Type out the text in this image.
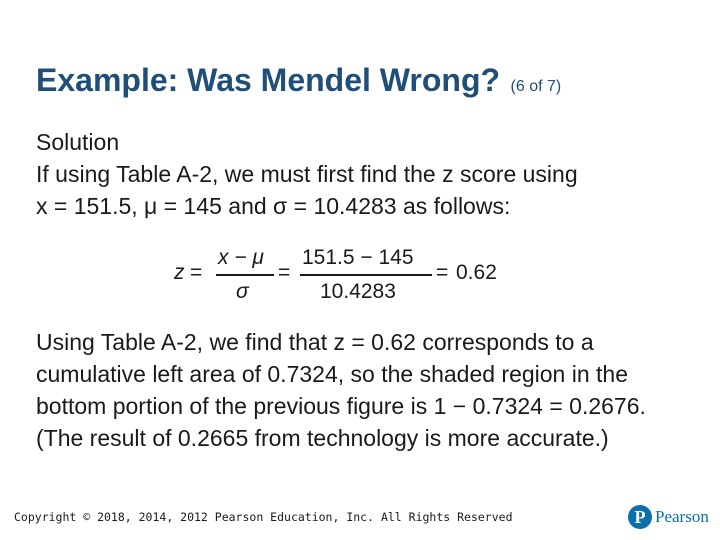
Example: Was Mendel Wrong? (6 of 7)
Solution
If using Table A-2, we must first find the z score using
x = 151.5, μ = 145 and σ = 10.4283 as follows:
z =
x − μ
σ
=
151.5 − 145
10.4283
= 0.62
Using Table A-2, we find that z = 0.62 corresponds to a cumulative left area of 0.7324, so the shaded region in the bottom portion of the previous figure is 1 − 0.7324 = 0.2676. (The result of 0.2665 from technology is more accurate.)
Copyright © 2018, 2014, 2012 Pearson Education, Inc. All Rights Reserved	P Pearson
